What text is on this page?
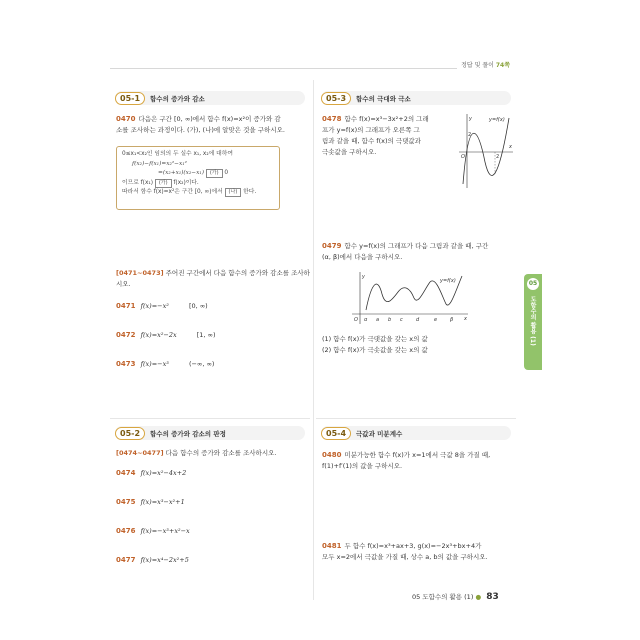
정답 및 풀이 74쪽
05-1	함수의 증가와 감소
0470 다음은 구간 [0, ∞)에서 함수 f(x)=x²이 증가와 감
소를 조사하는 과정이다. (가), (나)에 알맞은 것을 구하시오.
0≤x₁<x₂인 임의의 두 실수 x₁, x₂에 대하여
f(x₂)−f(x₁)=x₂²−x₁²
=(x₂+x₁)(x₂−x₁) (가) 0
이므로 f(x₁) (가) f(x₂)이다.
따라서 함수 f(x)=x²은 구간 [0, ∞)에서 (나) 한다.
[0471~0473] 주어진 구간에서 다음 함수의 증가와 감소를 조사하
시오.
0471 f(x)=−x²	[0, ∞)
0472 f(x)=x²−2x	[1, ∞)
0473 f(x)=−x³	(−∞, ∞)
05-2	함수의 증가와 감소의 판정
[0474~0477] 다음 함수의 증가와 감소를 조사하시오.
0474 f(x)=x²−4x+2
0475 f(x)=x³−x²+1
0476 f(x)=−x³+x²−x
0477 f(x)=x⁴−2x²+5
05-3	함수의 극대와 극소
0478 함수 f(x)=x³−3x²+2의 그래
프가 y=f(x)의 그래프가 오른쪽 그
림과 같을 때, 함수 f(x)의 극댓값과
극솟값을 구하시오.
y	y=f(x)
x
O	2
2
0479 함수 y=f(x)의 그래프가 다음 그림과 같을 때, 구간
(α, β)에서 다음을 구하시오.
y
y=f(x)
x
O α a b c	d	e	β
(1) 함수 f(x)가 극댓값을 갖는 x의 값
(2) 함수 f(x)가 극솟값을 갖는 x의 값
05-4	극값과 미분계수
0480 미분가능한 함수 f(x)가 x=1에서 극값 8을 가질 때,
f(1)+f′(1)의 값을 구하시오.
0481 두 함수 f(x)=x³+ax+3, g(x)=−2x³+bx+4가
모두 x=2에서 극값을 가질 때, 상수 a, b의 값을 구하시오.
05
도함수의 활용 (1)
05 도함수의 활용 (1) ● 83
